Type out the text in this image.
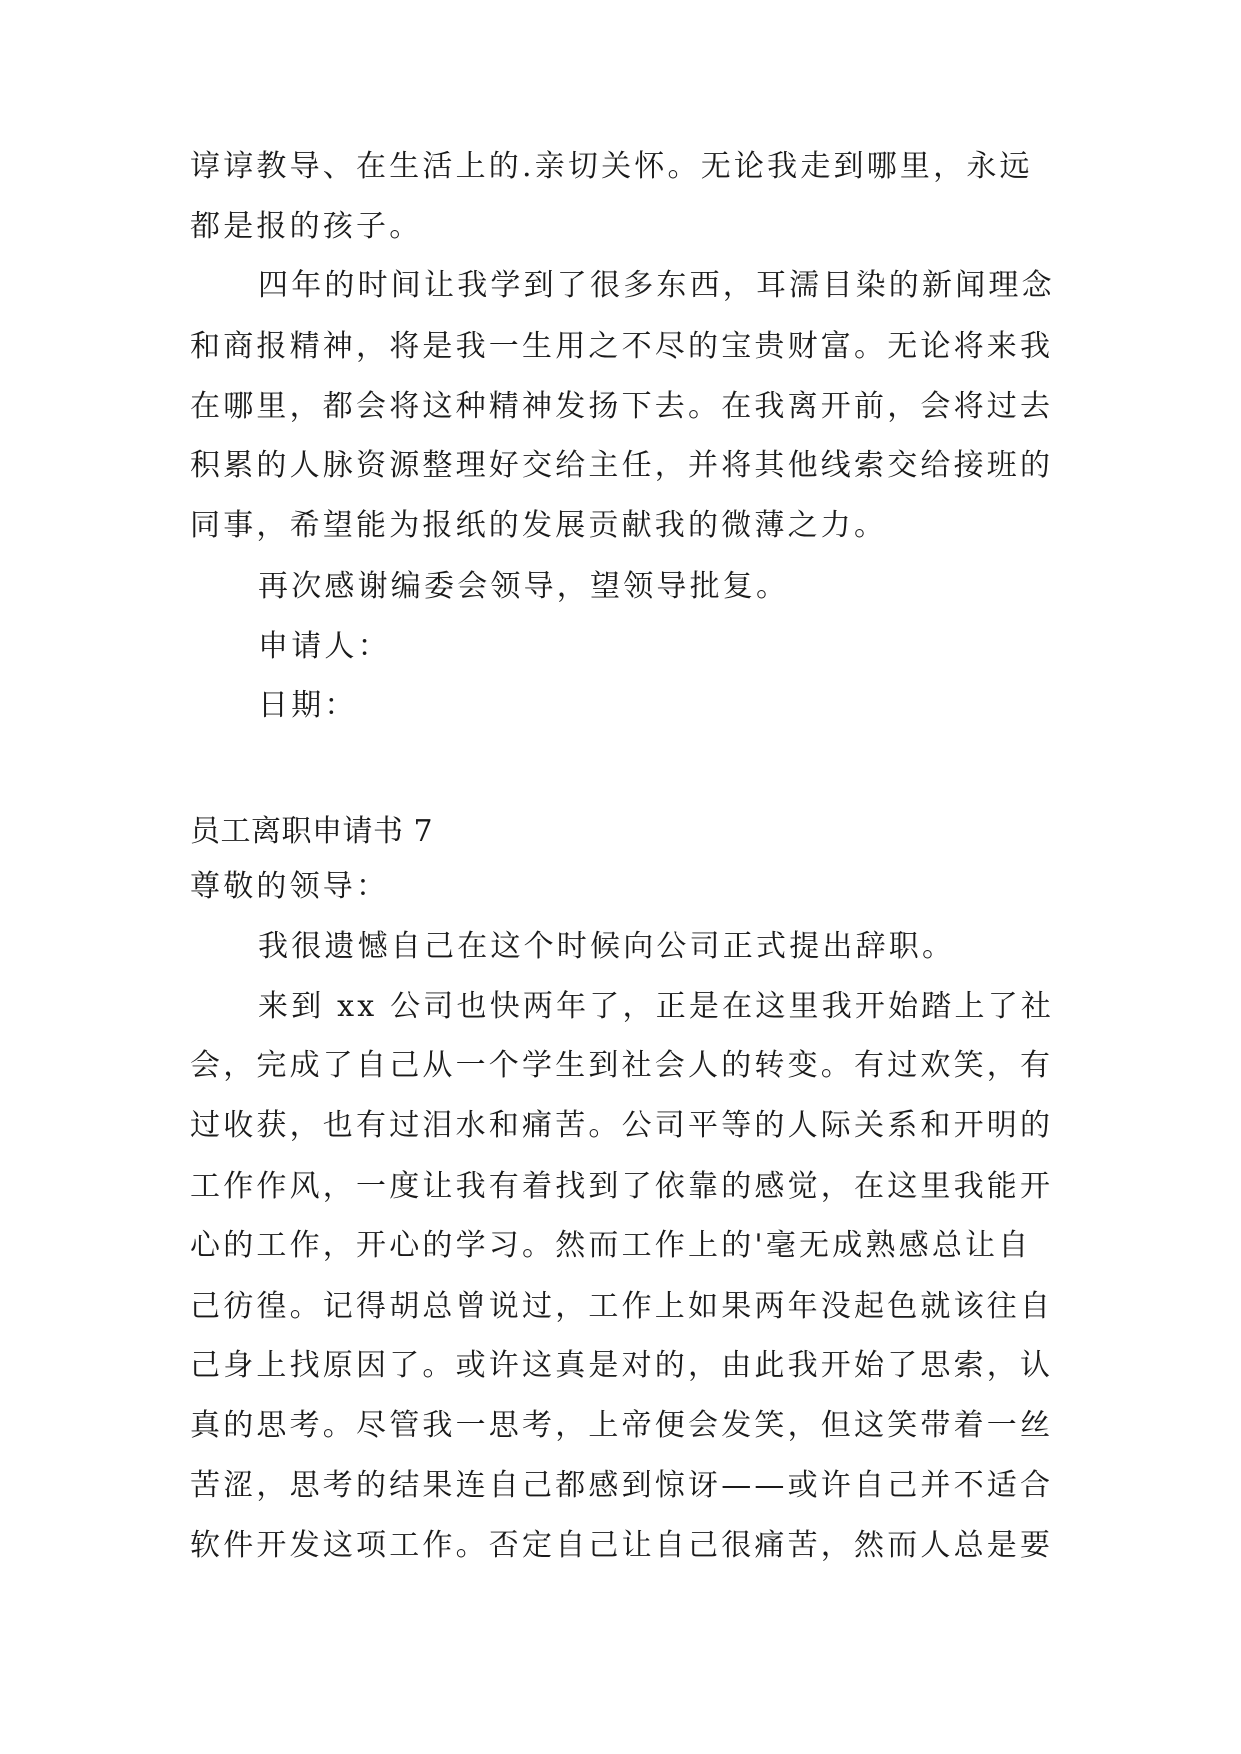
谆谆教导、在生活上的.亲切关怀。无论我走到哪里，永远
都是报的孩子。
四年的时间让我学到了很多东西，耳濡目染的新闻理念
和商报精神，将是我一生用之不尽的宝贵财富。无论将来我
在哪里，都会将这种精神发扬下去。在我离开前，会将过去
积累的人脉资源整理好交给主任，并将其他线索交给接班的
同事，希望能为报纸的发展贡献我的微薄之力。
再次感谢编委会领导，望领导批复。
申请人：
日期：
员工离职申请书 7
尊敬的领导：
我很遗憾自己在这个时候向公司正式提出辞职。
来到 xx 公司也快两年了，正是在这里我开始踏上了社
会，完成了自己从一个学生到社会人的转变。有过欢笑，有
过收获，也有过泪水和痛苦。公司平等的人际关系和开明的
工作作风，一度让我有着找到了依靠的感觉，在这里我能开
心的工作，开心的学习。然而工作上的'毫无成熟感总让自
己彷徨。记得胡总曾说过，工作上如果两年没起色就该往自
己身上找原因了。或许这真是对的，由此我开始了思索，认
真的思考。尽管我一思考，上帝便会发笑，但这笑带着一丝
苦涩，思考的结果连自己都感到惊讶——或许自己并不适合
软件开发这项工作。否定自己让自己很痛苦，然而人总是要
